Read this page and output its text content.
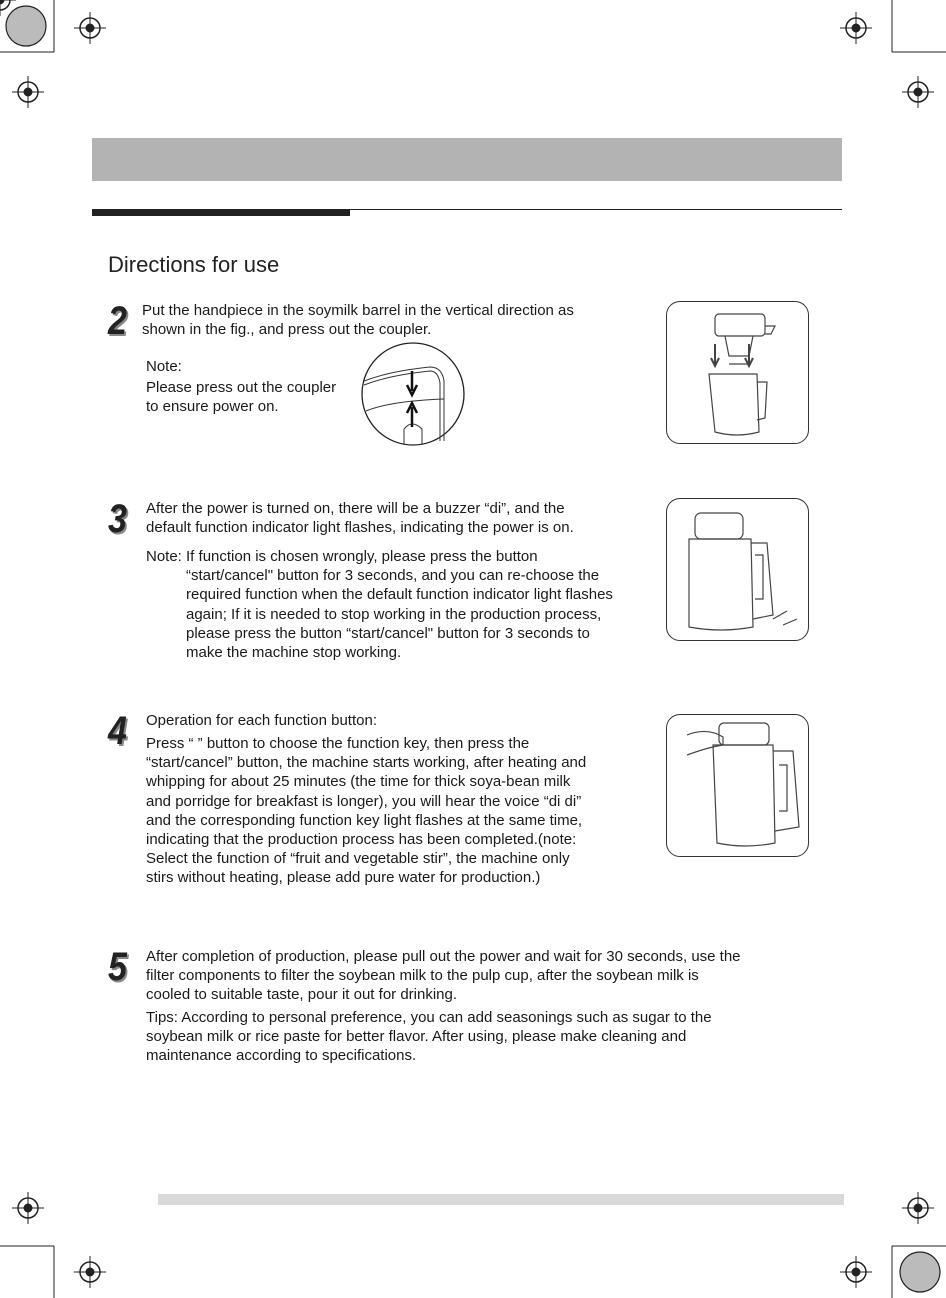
Directions for use
2 Put the handpiece in the soymilk barrel in the vertical direction as
shown in the fig., and press out the coupler.
Note:
Please press out the coupler
to ensure power on.
3 After the power is turned on, there will be a buzzer “di”, and the
default function indicator light flashes, indicating the power is on.
Note: If function is chosen wrongly, please press the button
“start/cancel" button for 3 seconds, and you can re-choose the
required function when the default function indicator light flashes
again; If it is needed to stop working in the production process,
please press the button “start/cancel" button for 3 seconds to
make the machine stop working.
4 Operation for each function button:
Press “ ” button to choose the function key, then press the
“start/cancel” button, the machine starts working, after heating and
whipping for about 25 minutes (the time for thick soya-bean milk
and porridge for breakfast is longer), you will hear the voice “di di”
and the corresponding function key light flashes at the same time,
indicating that the production process has been completed.(note:
Select the function of “fruit and vegetable stir”, the machine only
stirs without heating, please add pure water for production.)
5 After completion of production, please pull out the power and wait for 30 seconds, use the
filter components to filter the soybean milk to the pulp cup, after the soybean milk is
cooled to suitable taste, pour it out for drinking.
Tips: According to personal preference, you can add seasonings such as sugar to the
soybean milk or rice paste for better flavor. After using, please make cleaning and
maintenance according to specifications.
